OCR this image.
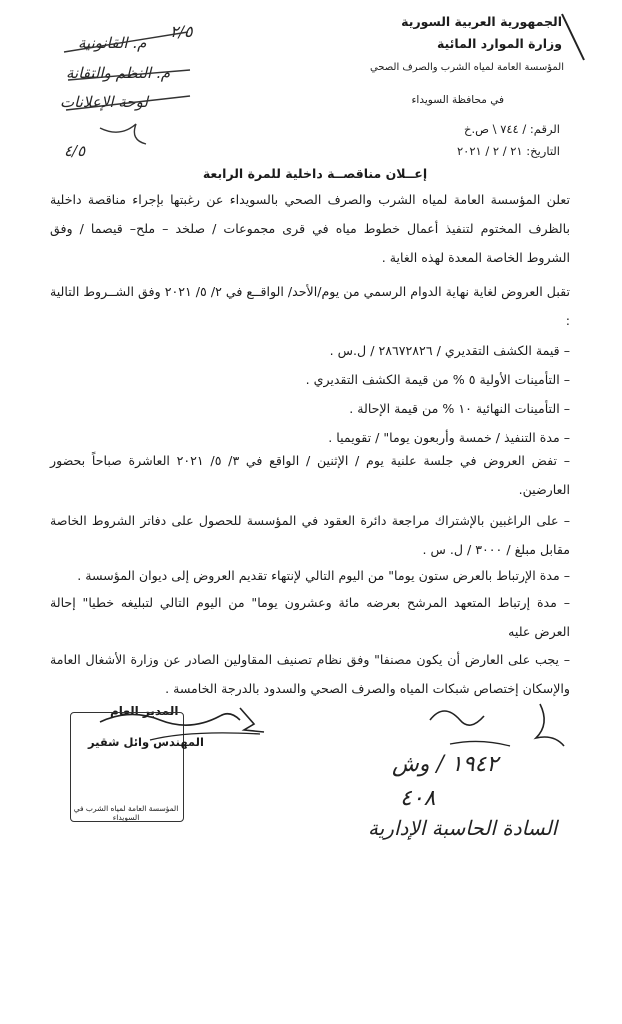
الجمهورية العربية السورية
وزارة الموارد المائية
المؤسسة العامة لمياه الشرب والصرف الصحي
في محافظة السويداء
الرقم: / ٧٤٤ \ ص.خ
التاريخ: ٢١ / ٢ / ٢٠٢١
٢/٥
م. القانونية
م. النظم والتقانة
لوحة الإعلانات
٤/٥
إعــلان مناقصــة داخلية للمرة الرابعة
تعلن المؤسسة العامة لمياه الشرب والصرف الصحي بالسويداء عن رغبتها بإجراء مناقصة داخلية بالظرف المختوم لتنفيذ أعمال خطوط مياه في قرى مجموعات / صلخد – ملح– قيصما / وفق الشروط الخاصة المعدة لهذه الغاية .
تقبل العروض لغاية نهاية الدوام الرسمي من يوم/الأحد/ الواقــع في ٢/ ٥/ ٢٠٢١ وفق الشــروط التالية :
– قيمة الكشف التقديري / ٢٨٦٧٢٨٢٦ / ل.س .
– التأمينات الأولية ٥ % من قيمة الكشف التقديري .
– التأمينات النهائية ١٠ % من قيمة الإحالة .
– مدة التنفيذ / خمسة وأربعون يوما" / تقويميا .
– تفض العروض في جلسة علنية يوم / الإثنين / الواقع في ٣/ ٥/ ٢٠٢١ العاشرة صباحاً بحضور العارضين.
– على الراغبين بالإشتراك مراجعة دائرة العقود في المؤسسة للحصول على دفاتر الشروط الخاصة مقابل مبلغ / ٣٠٠٠ / ل. س .
– مدة الإرتباط بالعرض ستون يوما" من اليوم التالي لإنتهاء تقديم العروض إلى ديوان المؤسسة .
– مدة إرتباط المتعهد المرشح بعرضه مائة وعشرون يوما" من اليوم التالي لتبليغه خطيا" إحالة العرض عليه
– يجب على العارض أن يكون مصنفا" وفق نظام تصنيف المقاولين الصادر عن وزارة الأشغال العامة والإسكان إختصاص شبكات المياه والصرف الصحي والسدود بالدرجة الخامسة .
المدير العام
المهندس وائل شقير
المؤسسة العامة لمياه الشرب في السويداء
١٩٤٢ / وش
٤٠٨
السادة الحاسبة الإدارية
